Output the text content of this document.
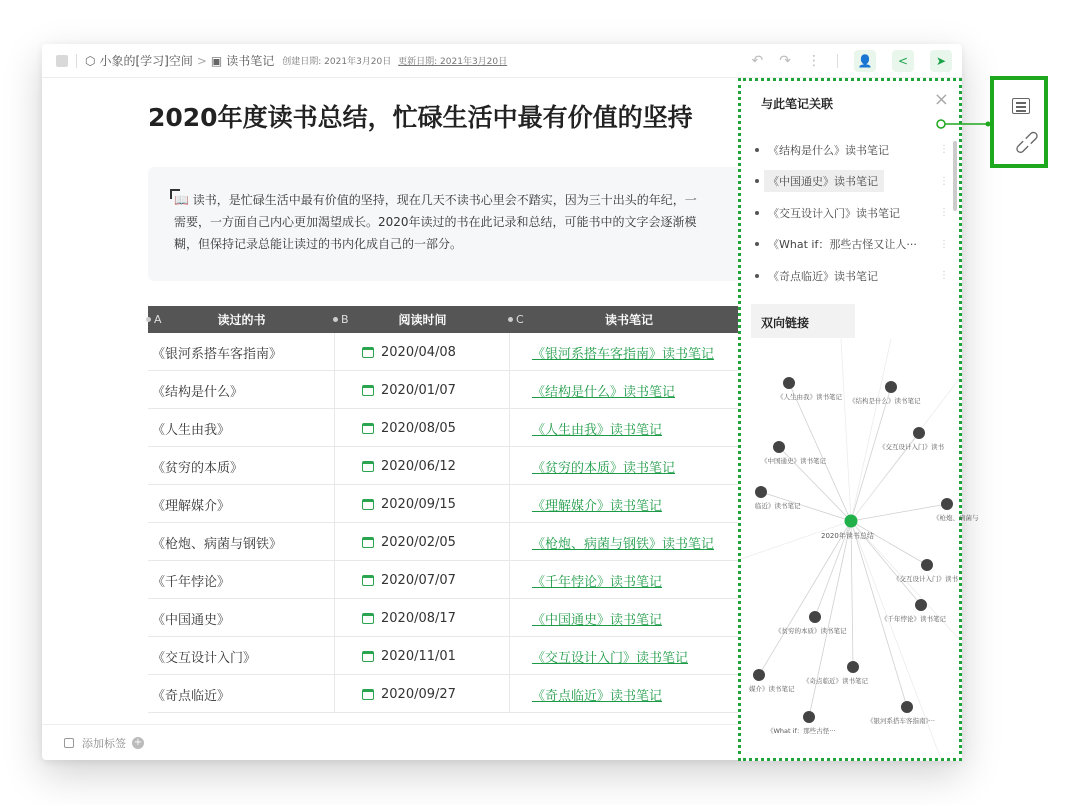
⬡ 小象的[学习]空间 > ▣ 读书笔记 创建日期: 2021年3月20日 更新日期: 2021年3月20日	↶ ↷ ⋮	👤	<	➤
2020年度读书总结，忙碌生活中最有价值的坚持
📖 读书，是忙碌生活中最有价值的坚持，现在几天不读书心里会不踏实，因为三十出头的年纪，一
需要，一方面自己内心更加渴望成长。2020年读过的书在此记录和总结，可能书中的文字会逐渐模
糊，但保持记录总能让读过的书内化成自己的一部分。
A	读过的书	B	阅读时间	C	读书笔记
《银河系搭车客指南》	2020/04/08	《银河系搭车客指南》读书笔记
《结构是什么》	2020/01/07	《结构是什么》读书笔记
《人生由我》	2020/08/05	《人生由我》读书笔记
《贫穷的本质》	2020/06/12	《贫穷的本质》读书笔记
《理解媒介》	2020/09/15	《理解媒介》读书笔记
《枪炮、病菌与钢铁》	2020/02/05	《枪炮、病菌与钢铁》读书笔记
《千年悖论》	2020/07/07	《千年悖论》读书笔记
《中国通史》	2020/08/17	《中国通史》读书笔记
《交互设计入门》	2020/11/01	《交互设计入门》读书笔记
《奇点临近》	2020/09/27	《奇点临近》读书笔记
添加标签 +
与此笔记关联	×
《结构是什么》读书笔记	⋮
《中国通史》读书笔记	⋮
《交互设计入门》读书笔记	⋮
《What if：那些古怪又让人··· ⋮
《奇点临近》读书笔记	⋮
双向链接
《人生由我》读书笔记 《结构是什么》读书笔记
《中国通史》读书笔记
《交互设计入门》读书
临近》读书笔记
《枪炮、病菌与
《交互设计入门》读书
《千年悖论》读书笔记
《贫穷的本质》读书笔记
《奇点临近》读书笔记
媒介》读书笔记
《What if：那些古怪···
《银河系搭车客指南》···
2020年读书总结
⊂⊃
